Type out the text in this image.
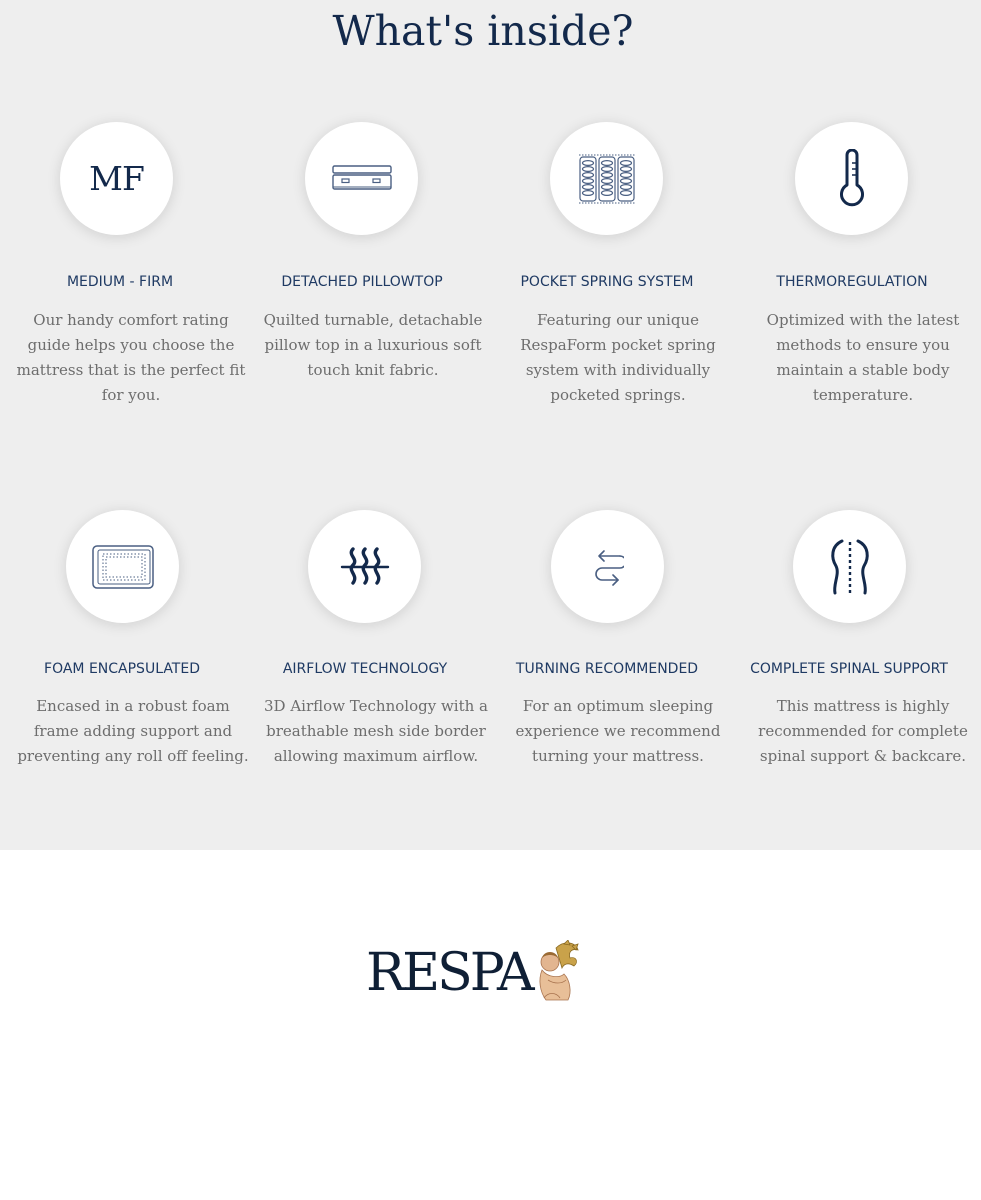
What's inside?
MF
MEDIUM - FIRM

Our handy comfort rating guide helps you choose the mattress that is the perfect fit for you.

DETACHED PILLOWTOP

Quilted turnable, detachable pillow top in a luxurious soft touch knit fabric.

POCKET SPRING SYSTEM

Featuring our unique RespaForm pocket spring system with individually pocketed springs.

THERMOREGULATION

Optimized with the latest methods to ensure you maintain a stable body temperature.

FOAM ENCAPSULATED

Encased in a robust foam frame adding support and preventing any roll off feeling.

AIRFLOW TECHNOLOGY

3D Airflow Technology with a breathable mesh side border allowing maximum airflow.

TURNING RECOMMENDED

For an optimum sleeping experience we recommend turning your mattress.

COMPLETE SPINAL SUPPORT

This mattress is highly recommended for complete spinal support & backcare.

RESPA
